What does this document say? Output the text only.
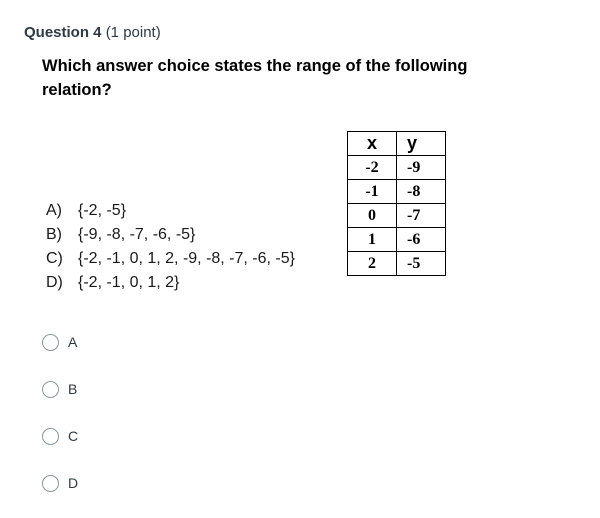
Question 4 (1 point)
Which answer choice states the range of the following relation?
A) {-2, -5}
B) {-9, -8, -7, -6, -5}
C) {-2, -1, 0, 1, 2, -9, -8, -7, -6, -5}
D) {-2, -1, 0, 1, 2}
x	y
-2	-9
-1	-8
0	-7
1	-6
2	-5
A
B
C
D
